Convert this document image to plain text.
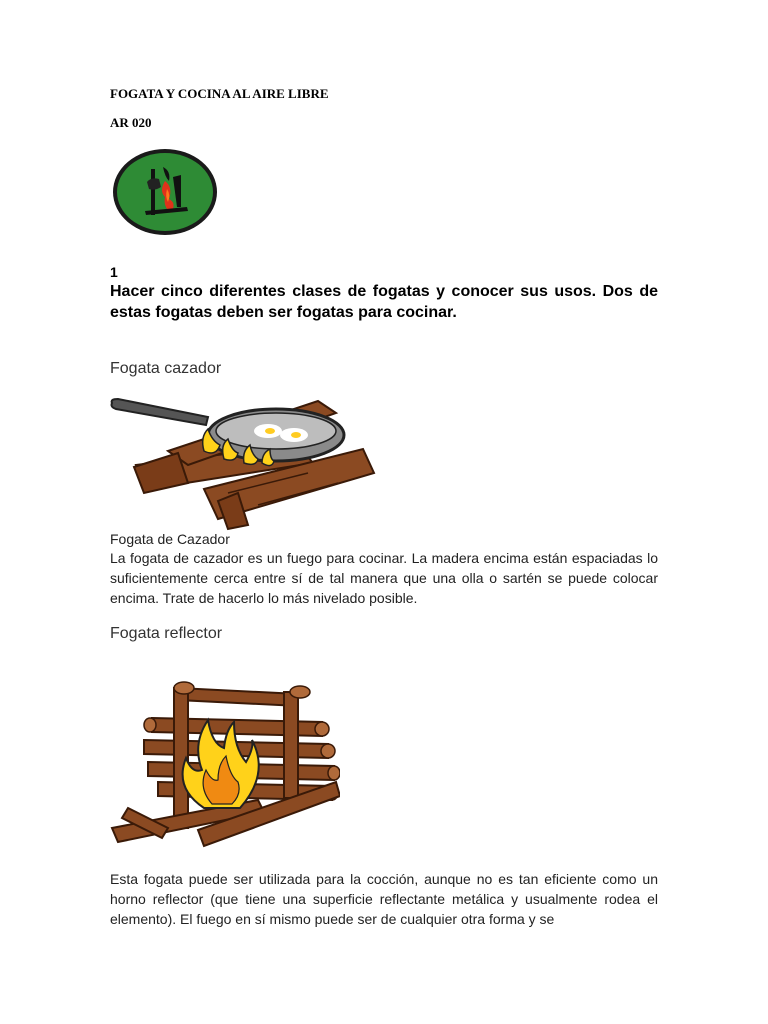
FOGATA Y COCINA AL AIRE LIBRE
AR 020
1
Hacer cinco diferentes clases de fogatas y conocer sus usos. Dos de estas fogatas deben ser fogatas para cocinar.
Fogata cazador
Fogata de Cazador
La fogata de cazador es un fuego para cocinar. La madera encima están espaciadas lo suficientemente cerca entre sí de tal manera que una olla o sartén se puede colocar encima. Trate de hacerlo lo más nivelado posible.
Fogata reflector
Esta fogata puede ser utilizada para la cocción, aunque no es tan eficiente como un horno reflector (que tiene una superficie reflectante metálica y usualmente rodea el elemento). El fuego en sí mismo puede ser de cualquier otra forma y se
